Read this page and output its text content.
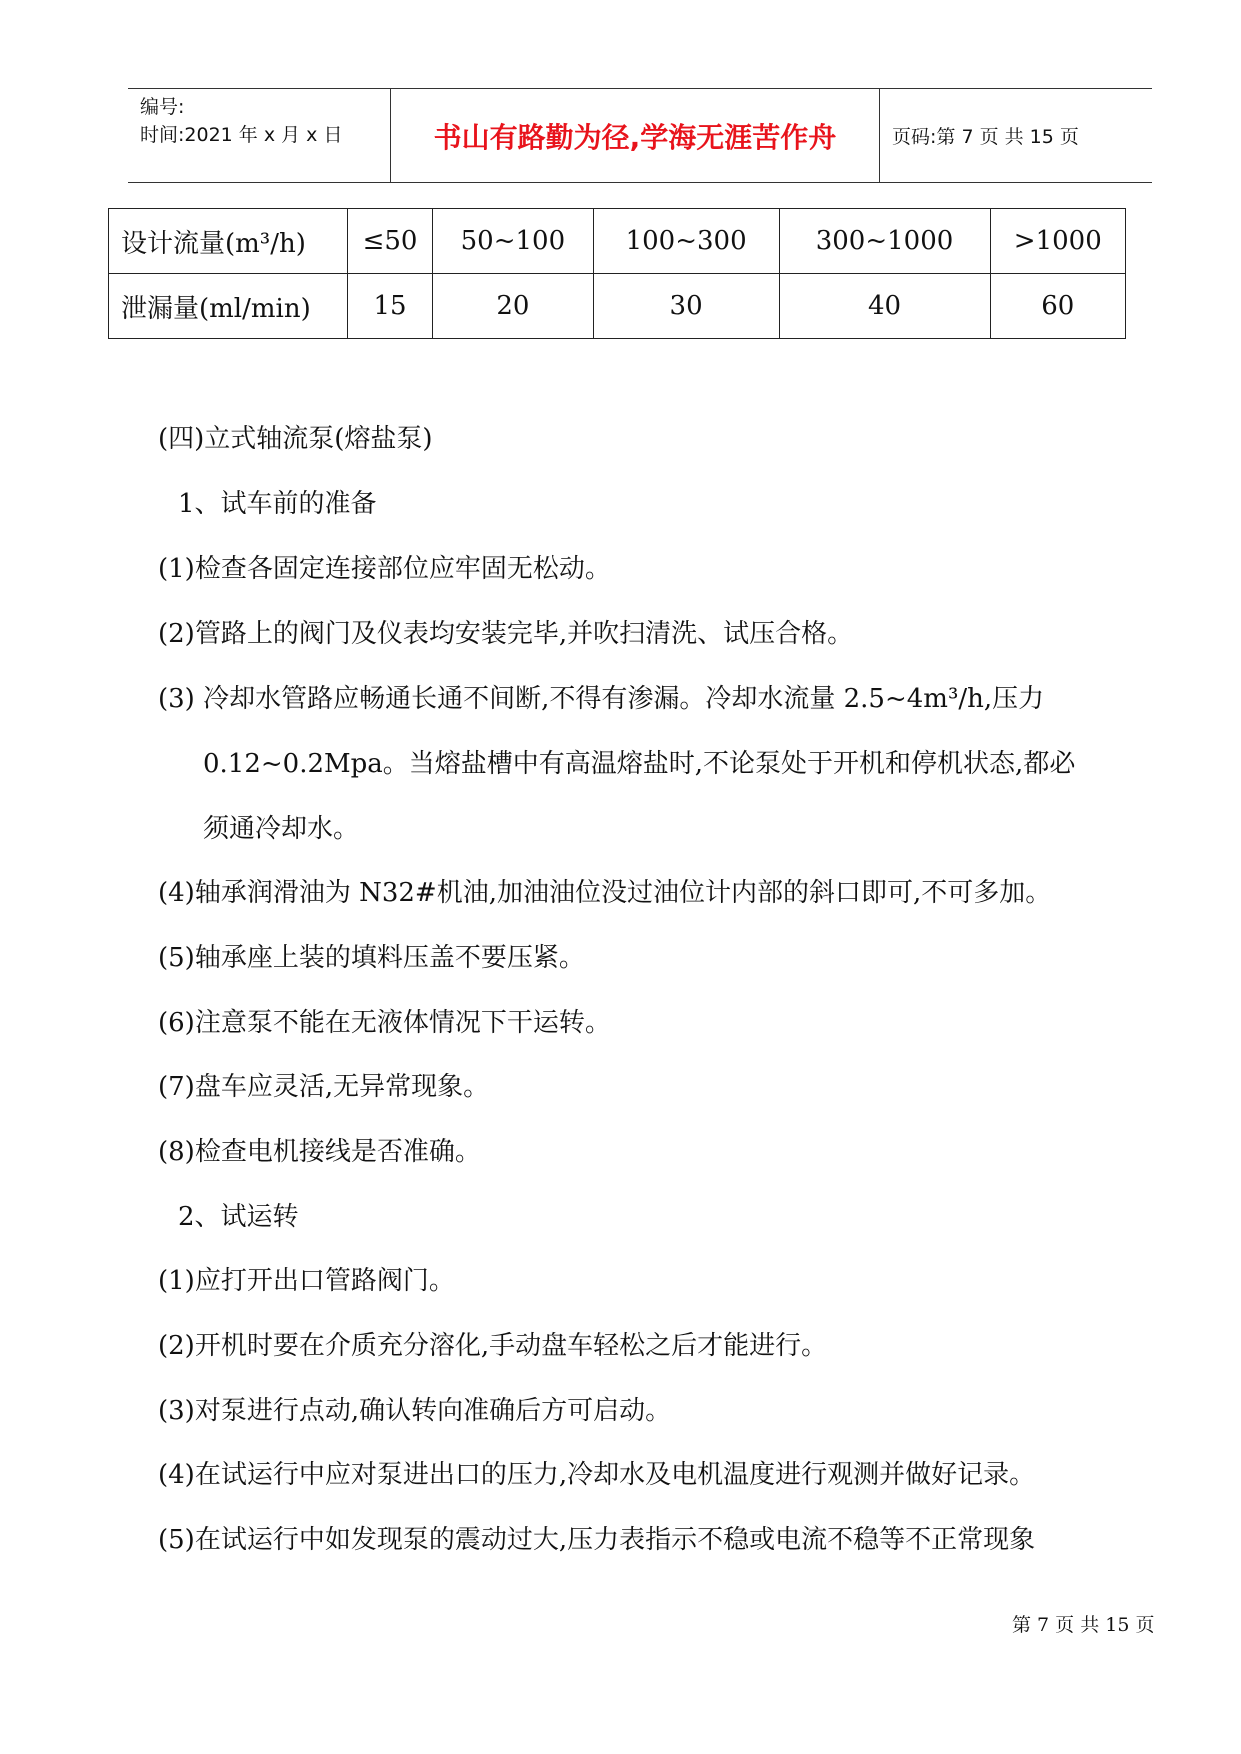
编号:
时间:2021 年 x 月 x 日	书山有路勤为径,学海无涯苦作舟	页码:第 7 页 共 15 页
设计流量(m³/h)	≤50	50~100	100~300	300~1000	>1000
泄漏量(ml/min)	15	20	30	40	60
(四)立式轴流泵(熔盐泵)
1、试车前的准备
(1)检查各固定连接部位应牢固无松动。
(2)管路上的阀门及仪表均安装完毕,并吹扫清洗、试压合格。
(3) 冷却水管路应畅通长通不间断,不得有渗漏。冷却水流量 2.5~4m³/h,压力
0.12~0.2Mpa。当熔盐槽中有高温熔盐时,不论泵处于开机和停机状态,都必
须通冷却水。
(4)轴承润滑油为 N32#机油,加油油位没过油位计内部的斜口即可,不可多加。
(5)轴承座上装的填料压盖不要压紧。
(6)注意泵不能在无液体情况下干运转。
(7)盘车应灵活,无异常现象。
(8)检查电机接线是否准确。
2、试运转
(1)应打开出口管路阀门。
(2)开机时要在介质充分溶化,手动盘车轻松之后才能进行。
(3)对泵进行点动,确认转向准确后方可启动。
(4)在试运行中应对泵进出口的压力,冷却水及电机温度进行观测并做好记录。
(5)在试运行中如发现泵的震动过大,压力表指示不稳或电流不稳等不正常现象
第 7 页 共 15 页
